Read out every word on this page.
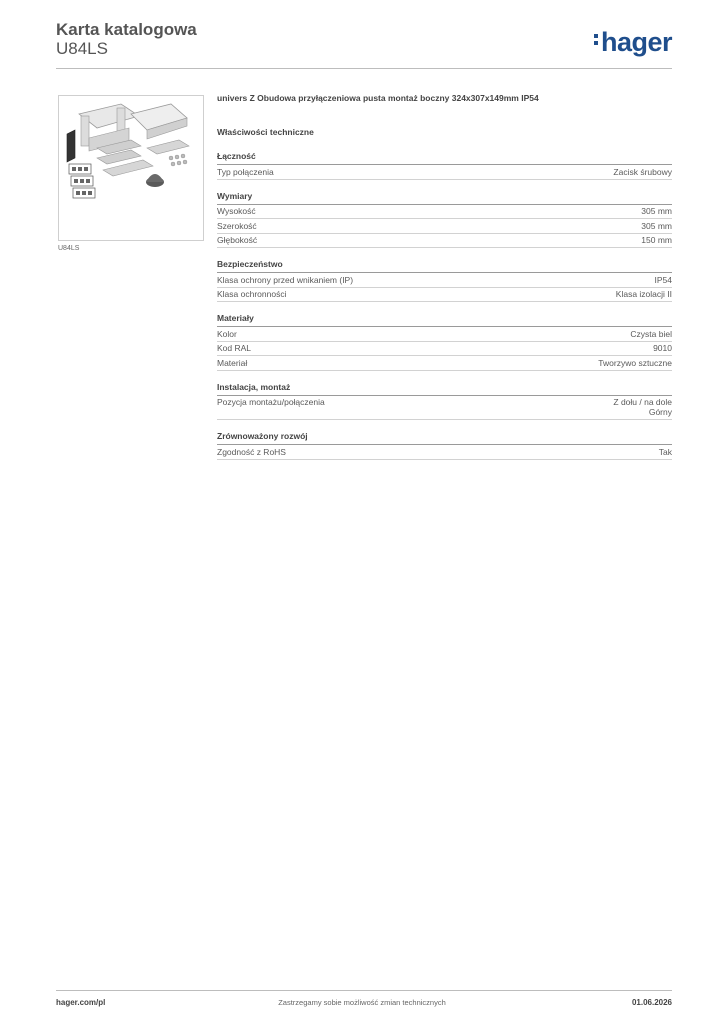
Karta katalogowa
U84LS	hager
U84LS
univers Z Obudowa przyłączeniowa pusta montaż boczny 324x307x149mm IP54
Właściwości techniczne
Łączność
Typ połączenia	Zacisk śrubowy
Wymiary
Wysokość	305 mm
Szerokość	305 mm
Głębokość	150 mm
Bezpieczeństwo
Klasa ochrony przed wnikaniem (IP)	IP54
Klasa ochronności	Klasa izolacji II
Materiały
Kolor	Czysta biel
Kod RAL	9010
Materiał	Tworzywo sztuczne
Instalacja, montaż
Pozycja montażu/połączenia	Z dołu / na dole
Górny
Zrównoważony rozwój
Zgodność z RoHS	Tak
hager.com/pl	Zastrzegamy sobie możliwość zmian technicznych	01.06.2026
